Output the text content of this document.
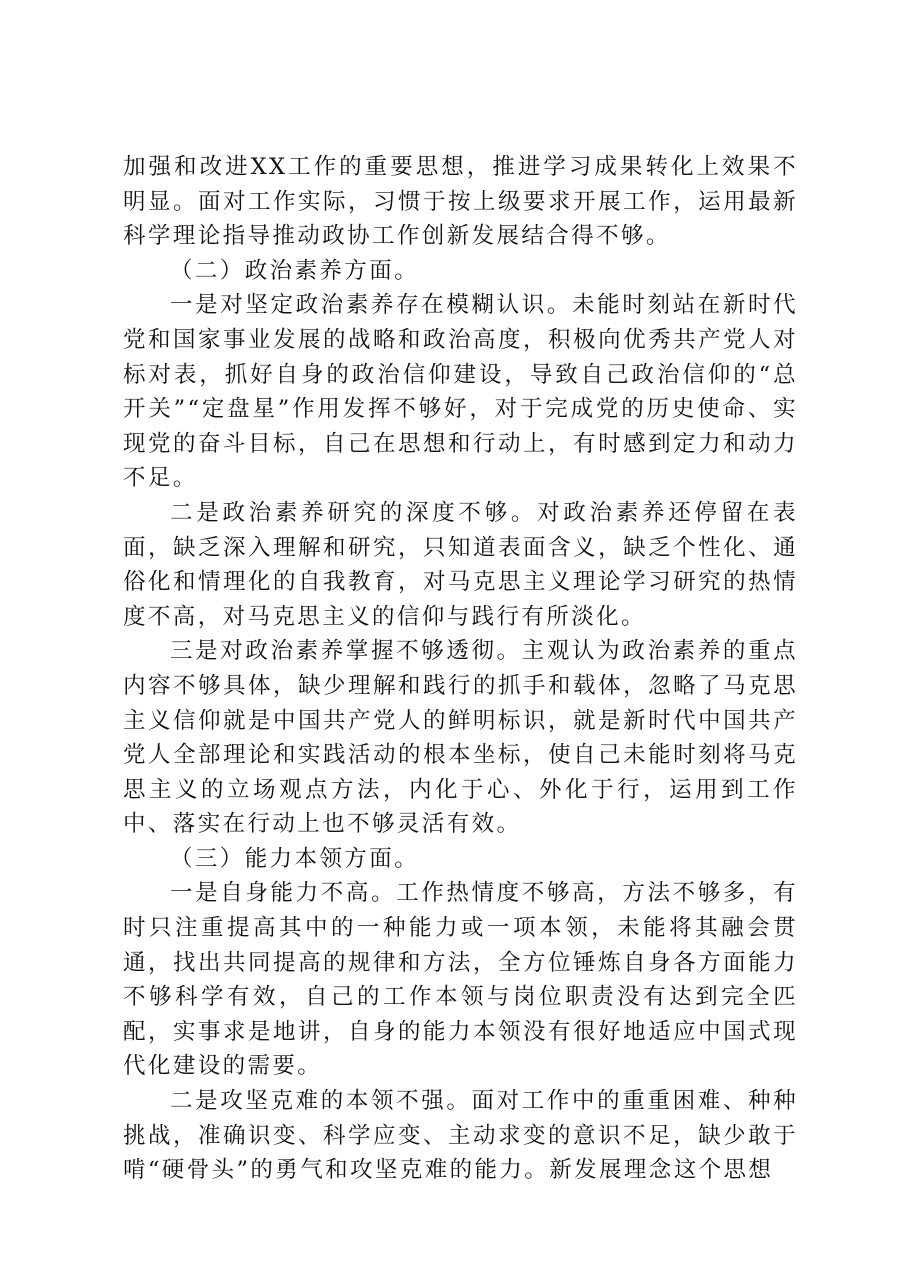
加强和改进XX工作的重要思想，推进学习成果转化上效果不明显。面对工作实际，习惯于按上级要求开展工作，运用最新科学理论指导推动政协工作创新发展结合得不够。

（二）政治素养方面。

一是对坚定政治素养存在模糊认识。未能时刻站在新时代党和国家事业发展的战略和政治高度，积极向优秀共产党人对标对表，抓好自身的政治信仰建设，导致自己政治信仰的“总开关”“定盘星”作用发挥不够好，对于完成党的历史使命、实现党的奋斗目标，自己在思想和行动上，有时感到定力和动力不足。

二是政治素养研究的深度不够。对政治素养还停留在表面，缺乏深入理解和研究，只知道表面含义，缺乏个性化、通俗化和情理化的自我教育，对马克思主义理论学习研究的热情度不高，对马克思主义的信仰与践行有所淡化。

三是对政治素养掌握不够透彻。主观认为政治素养的重点内容不够具体，缺少理解和践行的抓手和载体，忽略了马克思主义信仰就是中国共产党人的鲜明标识，就是新时代中国共产党人全部理论和实践活动的根本坐标，使自己未能时刻将马克思主义的立场观点方法，内化于心、外化于行，运用到工作中、落实在行动上也不够灵活有效。

（三）能力本领方面。

一是自身能力不高。工作热情度不够高，方法不够多，有时只注重提高其中的一种能力或一项本领，未能将其融会贯通，找出共同提高的规律和方法，全方位锤炼自身各方面能力不够科学有效，自己的工作本领与岗位职责没有达到完全匹配，实事求是地讲，自身的能力本领没有很好地适应中国式现代化建设的需要。

二是攻坚克难的本领不强。面对工作中的重重困难、种种挑战，准确识变、科学应变、主动求变的意识不足，缺少敢于啃“硬骨头”的勇气和攻坚克难的能力。新发展理念这个思想
